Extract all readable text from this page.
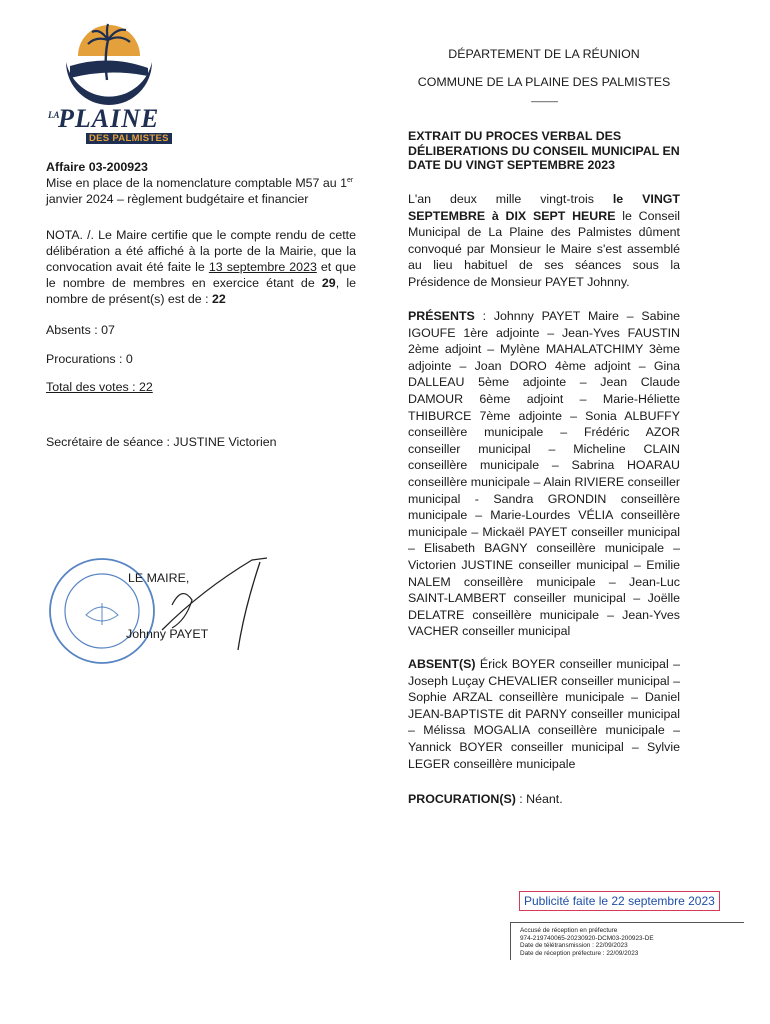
LA
PLAINE
DES PALMISTES
DÉPARTEMENT DE LA RÉUNION
COMMUNE DE LA PLAINE DES PALMISTES
----------------
EXTRAIT DU PROCES VERBAL DES DÉLIBERATIONS DU CONSEIL MUNICIPAL EN DATE DU VINGT SEPTEMBRE 2023
Affaire 03-200923
Mise en place de la nomenclature comptable M57 au 1er
janvier 2024 – règlement budgétaire et financier
NOTA. /. Le Maire certifie que le compte rendu de cette délibération a été affiché à la porte de la Mairie, que la convocation avait été faite le 13 septembre 2023 et que le nombre de membres en exercice étant de 29, le nombre de présent(s) est de : 22
Absents : 07
Procurations : 0
Total des votes : 22
Secrétaire de séance : JUSTINE Victorien
LE MAIRE,
Johnny PAYET
L'an deux mille vingt-trois le VINGT SEPTEMBRE à DIX SEPT HEURE le Conseil Municipal de La Plaine des Palmistes dûment convoqué par Monsieur le Maire s'est assemblé au lieu habituel de ses séances sous la Présidence de Monsieur PAYET Johnny.
PRÉSENTS : Johnny PAYET Maire – Sabine IGOUFE 1ère adjointe – Jean-Yves FAUSTIN 2ème adjoint – Mylène MAHALATCHIMY 3ème adjointe – Joan DORO 4ème adjoint – Gina DALLEAU 5ème adjointe – Jean Claude DAMOUR 6ème adjoint – Marie-Héliette THIBURCE 7ème adjointe – Sonia ALBUFFY conseillère municipale – Frédéric AZOR conseiller municipal – Micheline CLAIN conseillère municipale – Sabrina HOARAU conseillère municipale – Alain RIVIERE conseiller municipal - Sandra GRONDIN conseillère municipale – Marie-Lourdes VÉLIA conseillère municipale – Mickaël PAYET conseiller municipal – Elisabeth BAGNY conseillère municipale – Victorien JUSTINE conseiller municipal – Emilie NALEM conseillère municipale – Jean-Luc SAINT-LAMBERT conseiller municipal – Joëlle DELATRE conseillère municipale – Jean-Yves VACHER conseiller municipal
ABSENT(S) Érick BOYER conseiller municipal – Joseph Luçay CHEVALIER conseiller municipal – Sophie ARZAL conseillère municipale – Daniel JEAN-BAPTISTE dit PARNY conseiller municipal – Mélissa MOGALIA conseillère municipale – Yannick BOYER conseiller municipal – Sylvie LEGER conseillère municipale
PROCURATION(S) : Néant.
Publicité faite le 22 septembre 2023
Accusé de réception en préfecture
974-219740065-20230920-DCM03-200923-DE
Date de télétransmission : 22/09/2023
Date de réception préfecture : 22/09/2023
